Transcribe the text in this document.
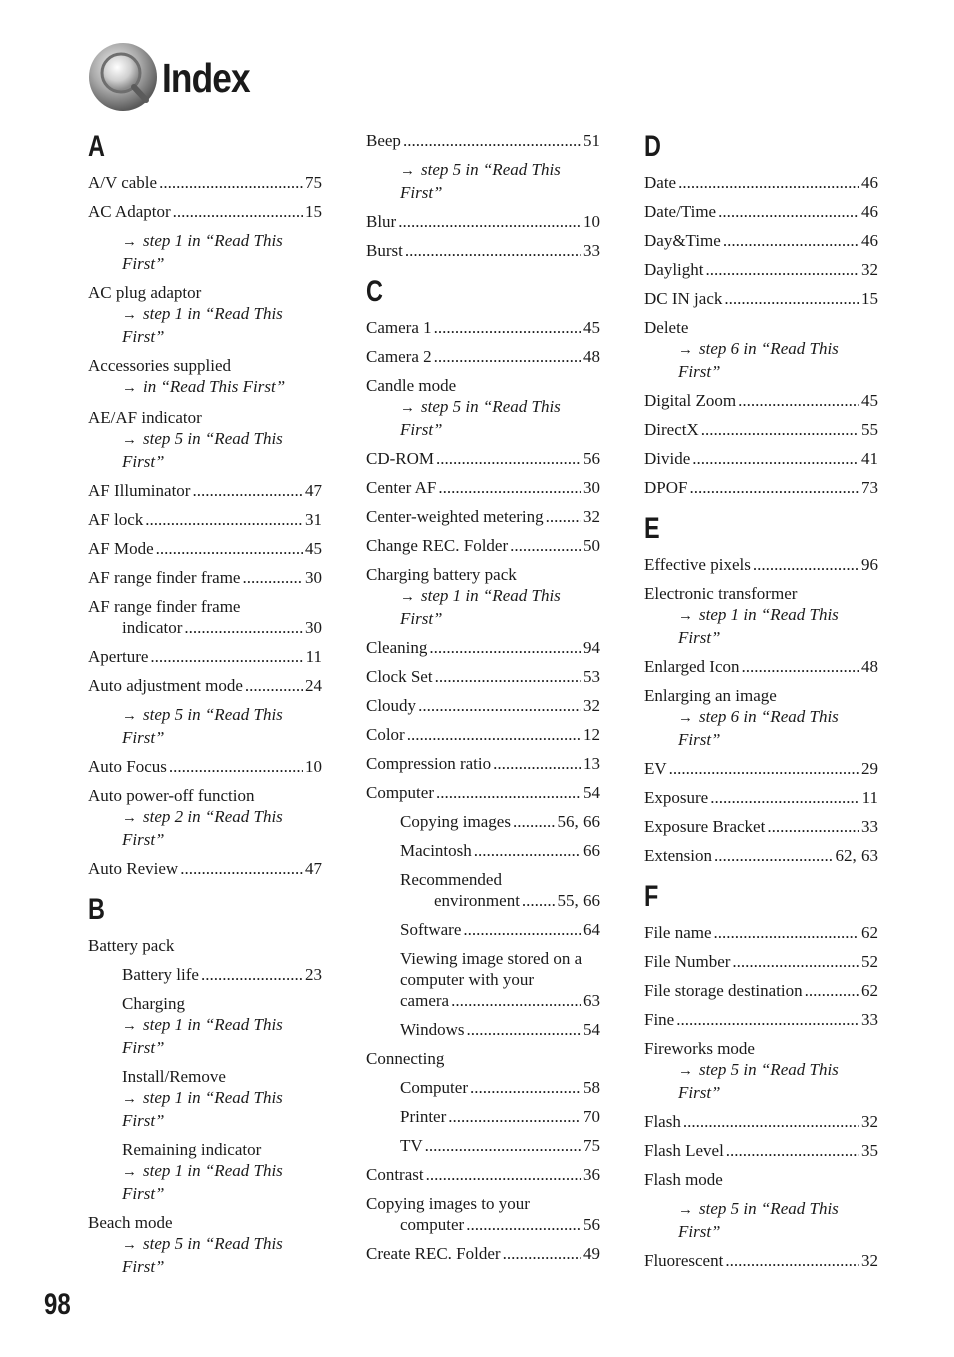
Index
A
A/V cable .....	75
AC Adaptor .....	15
→ step 1 in “Read This First”
AC plug adaptor
→ step 1 in “Read This First”
Accessories supplied
→ in “Read This First”
AE/AF indicator
→ step 5 in “Read This First”
AF Illuminator .....	47
AF lock .....	31
AF Mode .....	45
AF range finder frame .....	30
AF range finder frame
indicator .....	30
Aperture .....	11
Auto adjustment mode .....	24
→ step 5 in “Read This First”
Auto Focus .....	10
Auto power-off function
→ step 2 in “Read This First”
Auto Review .....	47
B
Battery pack
Battery life .....	23
Charging
→ step 1 in “Read This First”
Install/Remove
→ step 1 in “Read This First”
Remaining indicator
→ step 1 in “Read This First”
Beach mode
→ step 5 in “Read This First”
Beep .....	51
→ step 5 in “Read This First”
Blur .....	10
Burst .....	33
C
Camera 1 .....	45
Camera 2 .....	48
Candle mode
→ step 5 in “Read This First”
CD-ROM .....	56
Center AF .....	30
Center-weighted metering ..... 32
Change REC. Folder .....	50
Charging battery pack
→ step 1 in “Read This First”
Cleaning .....	94
Clock Set .....	53
Cloudy .....	32
Color .....	12
Compression ratio .....	13
Computer .....	54
Copying images .....	56, 66
Macintosh .....	66
Recommended
environment ..... 55, 66
Software .....	64
Viewing image stored on a
computer with your
camera .....	63
Windows .....	54
Connecting
Computer .....	58
Printer .....	70
TV .....	75
Contrast .....	36
Copying images to your
computer .....	56
Create REC. Folder .....	49
D
Date .....	46
Date/Time .....	46
Day&Time .....	46
Daylight .....	32
DC IN jack .....	15
Delete
→ step 6 in “Read This First”
Digital Zoom .....	45
DirectX .....	55
Divide .....	41
DPOF .....	73
E
Effective pixels .....	96
Electronic transformer
→ step 1 in “Read This First”
Enlarged Icon .....	48
Enlarging an image
→ step 6 in “Read This First”
EV .....	29
Exposure .....	11
Exposure Bracket .....	33
Extension .....	62, 63
F
File name .....	62
File Number .....	52
File storage destination .....	62
Fine .....	33
Fireworks mode
→ step 5 in “Read This First”
Flash .....	32
Flash Level .....	35
Flash mode
→ step 5 in “Read This First”
Fluorescent .....	32
98
